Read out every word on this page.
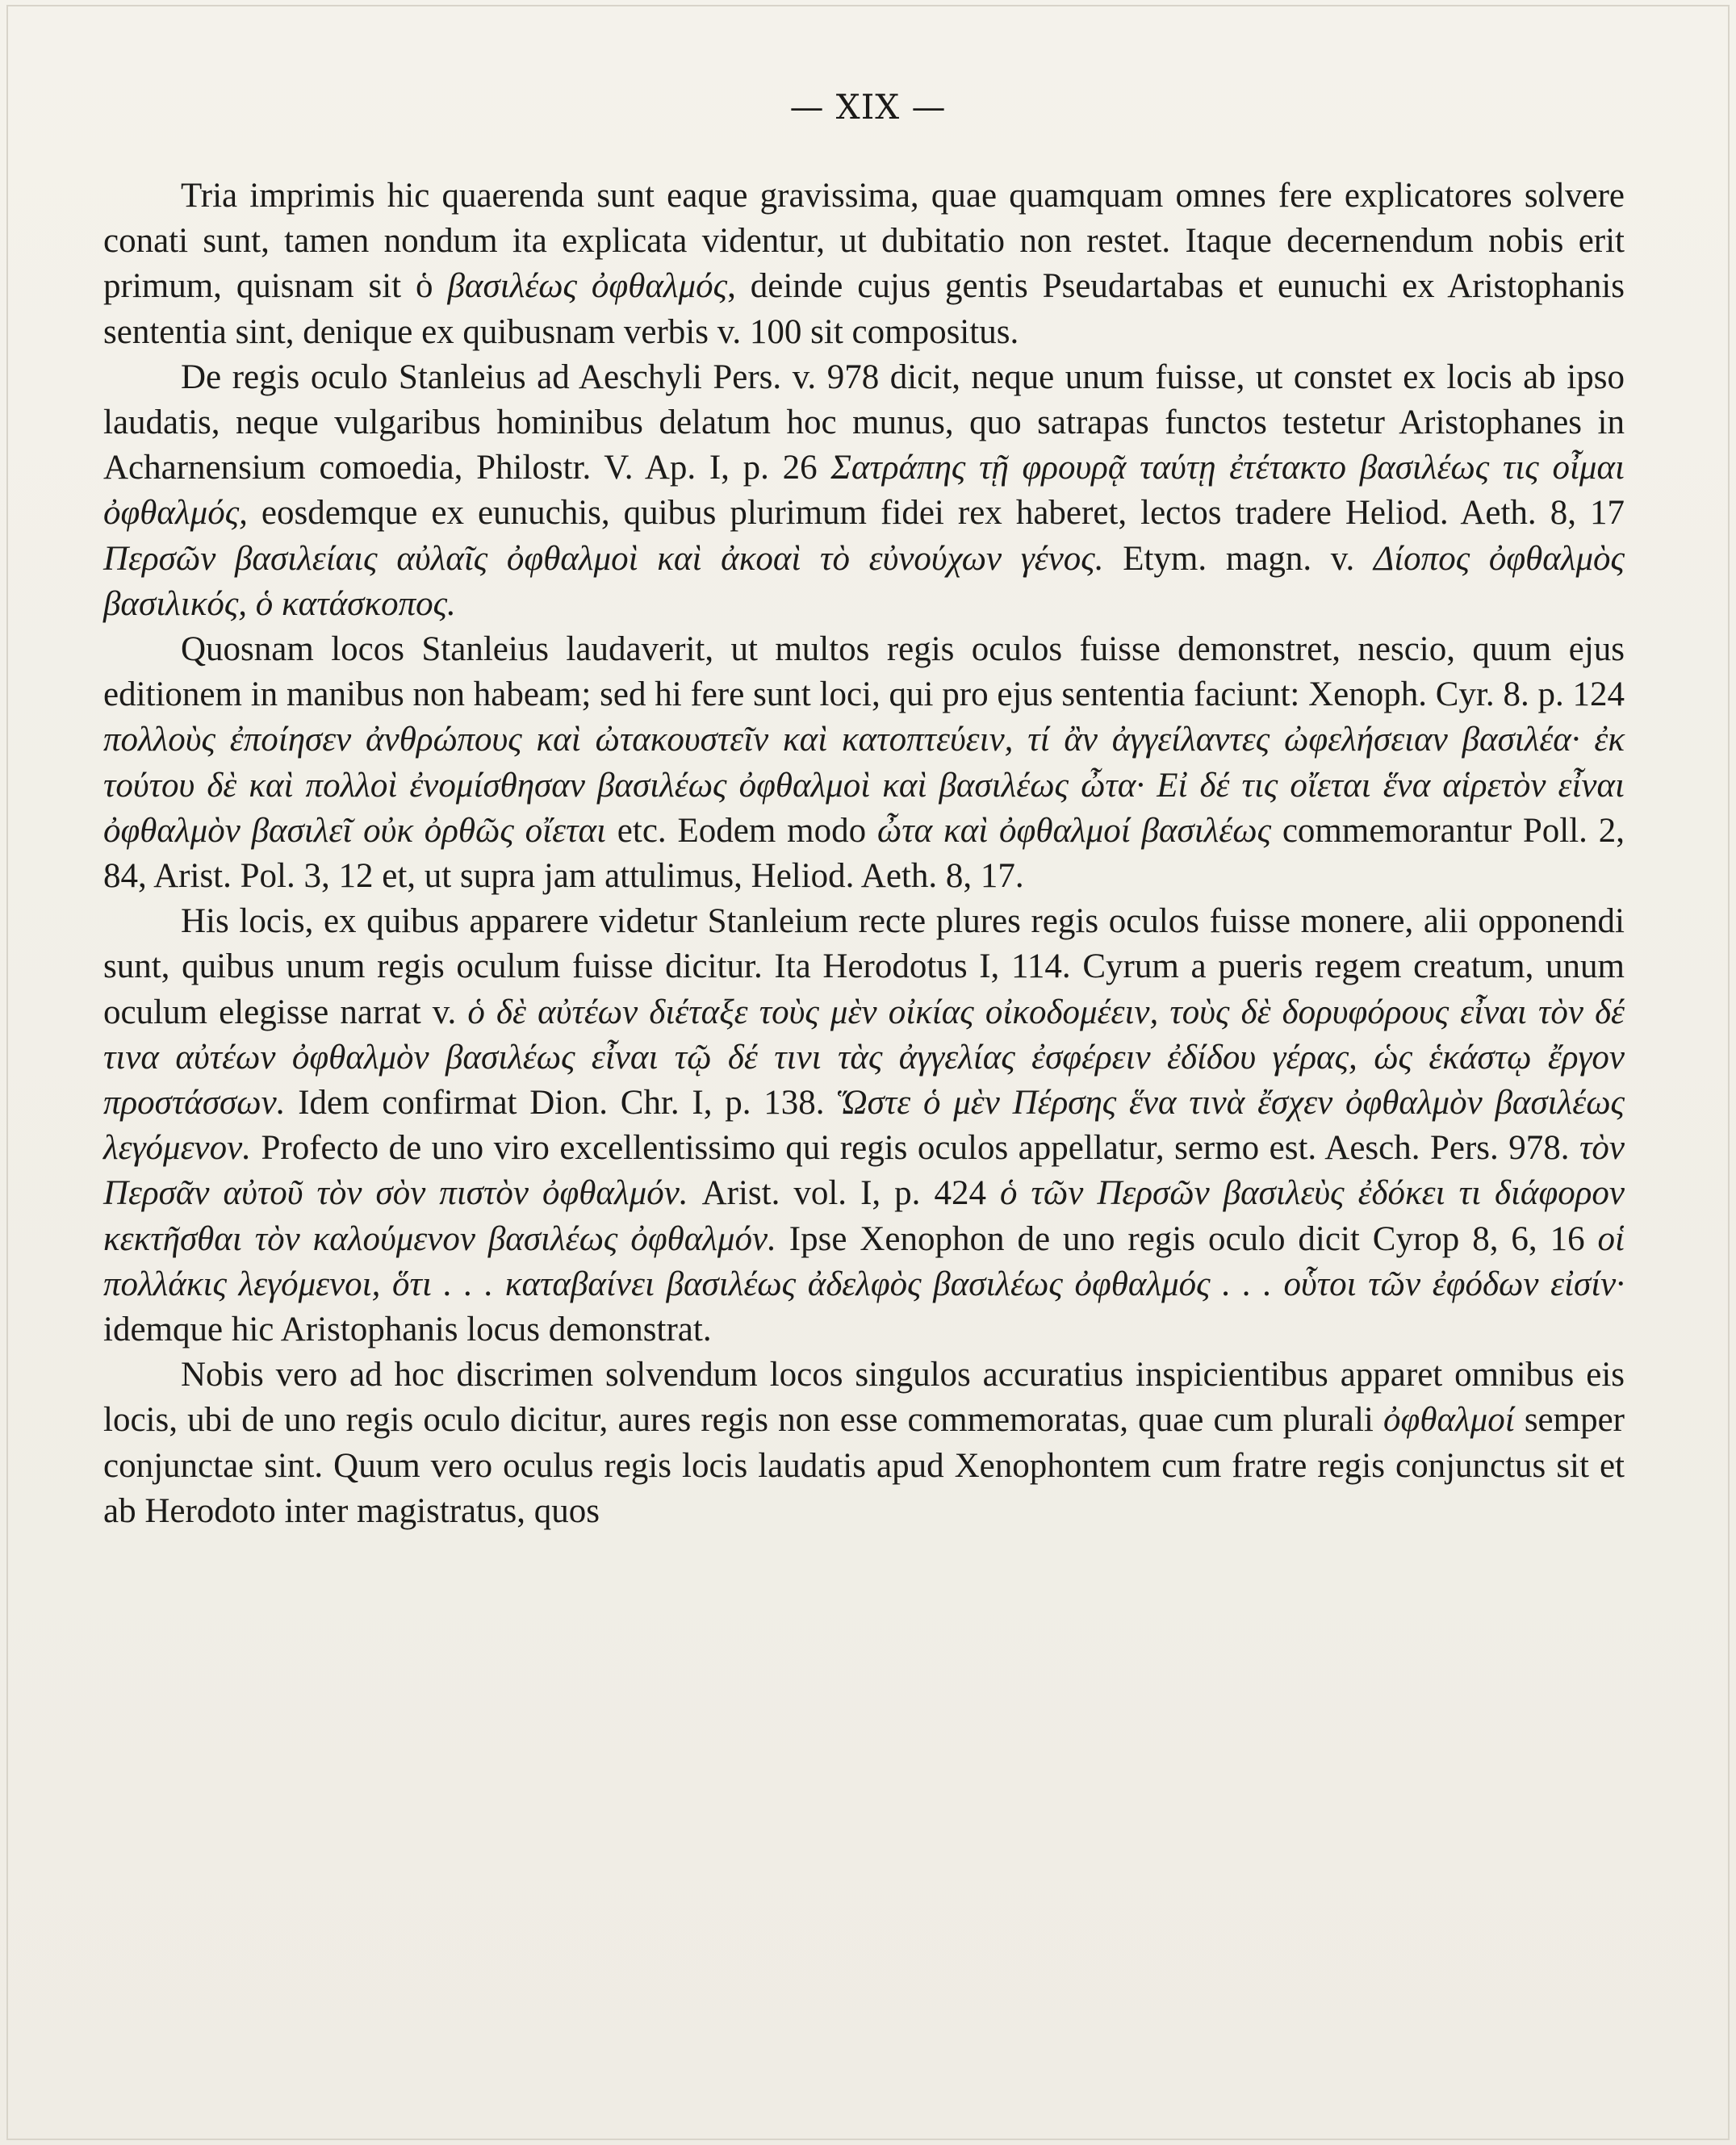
— XIX —

Tria imprimis hic quaerenda sunt eaque gravissima, quae quamquam omnes fere explicatores solvere conati sunt, tamen nondum ita explicata videntur, ut dubitatio non restet. Itaque decernendum nobis erit primum, quisnam sit ὁ βασιλέως ὀφθαλμός, deinde cujus gentis Pseudartabas et eunuchi ex Aristophanis sententia sint, denique ex quibusnam verbis v. 100 sit compositus.

De regis oculo Stanleius ad Aeschyli Pers. v. 978 dicit, neque unum fuisse, ut constet ex locis ab ipso laudatis, neque vulgaribus hominibus delatum hoc munus, quo satrapas functos testetur Aristophanes in Acharnensium comoedia, Philostr. V. Ap. I, p. 26 Σατράπης τῇ φρουρᾷ ταύτῃ ἐτέτακτο βασιλέως τις οἶμαι ὀφθαλμός, eosdemque ex eunuchis, quibus plurimum fidei rex haberet, lectos tradere Heliod. Aeth. 8, 17 Περσῶν βασιλείαις αὐλαῖς ὀφθαλμοὶ καὶ ἀκοαὶ τὸ εὐνούχων γένος. Etym. magn. v. Δίοπος ὀφθαλμὸς βασιλικός, ὁ κατάσκοπος.

Quosnam locos Stanleius laudaverit, ut multos regis oculos fuisse demonstret, nescio, quum ejus editionem in manibus non habeam; sed hi fere sunt loci, qui pro ejus sententia faciunt: Xenoph. Cyr. 8. p. 124 πολλοὺς ἐποίησεν ἀνθρώπους καὶ ὠτακουστεῖν καὶ κατοπτεύειν, τί ἂν ἀγγείλαντες ὠφελήσειαν βασιλέα· ἐκ τούτου δὲ καὶ πολλοὶ ἐνομίσθησαν βασιλέως ὀφθαλμοὶ καὶ βασιλέως ὦτα· Εἰ δέ τις οἴεται ἕνα αἱρετὸν εἶναι ὀφθαλμὸν βασιλεῖ οὐκ ὀρθῶς οἴεται etc. Eodem modo ὦτα καὶ ὀφθαλμοί βασιλέως commemorantur Poll. 2, 84, Arist. Pol. 3, 12 et, ut supra jam attulimus, Heliod. Aeth. 8, 17.

His locis, ex quibus apparere videtur Stanleium recte plures regis oculos fuisse monere, alii opponendi sunt, quibus unum regis oculum fuisse dicitur. Ita Herodotus I, 114. Cyrum a pueris regem creatum, unum oculum elegisse narrat v. ὁ δὲ αὐτέων διέταξε τοὺς μὲν οἰκίας οἰκοδομέειν, τοὺς δὲ δορυφόρους εἶναι τὸν δέ τινα αὐτέων ὀφθαλμὸν βασιλέως εἶναι τῷ δέ τινι τὰς ἀγγελίας ἐσφέρειν ἐδίδου γέρας, ὡς ἑκάστῳ ἔργον προστάσσων. Idem confirmat Dion. Chr. I, p. 138. Ὥστε ὁ μὲν Πέρσης ἕνα τινὰ ἔσχεν ὀφθαλμὸν βασιλέως λεγόμενον. Profecto de uno viro excellentissimo qui regis oculos appellatur, sermo est. Aesch. Pers. 978. τὸν Περσᾶν αὐτοῦ τὸν σὸν πιστὸν ὀφθαλμόν. Arist. vol. I, p. 424 ὁ τῶν Περσῶν βασιλεὺς ἐδόκει τι διάφορον κεκτῆσθαι τὸν καλούμενον βασιλέως ὀφθαλμόν. Ipse Xenophon de uno regis oculo dicit Cyrop 8, 6, 16 οἱ πολλάκις λεγόμενοι, ὅτι . . . καταβαίνει βασιλέως ἀδελφὸς βασιλέως ὀφθαλμός . . . οὗτοι τῶν ἐφόδων εἰσίν· idemque hic Aristophanis locus demonstrat.

Nobis vero ad hoc discrimen solvendum locos singulos accuratius inspicientibus apparet omnibus eis locis, ubi de uno regis oculo dicitur, aures regis non esse commemoratas, quae cum plurali ὀφθαλμοί semper conjunctae sint. Quum vero oculus regis locis laudatis apud Xenophontem cum fratre regis conjunctus sit et ab Herodoto inter magistratus, quos
